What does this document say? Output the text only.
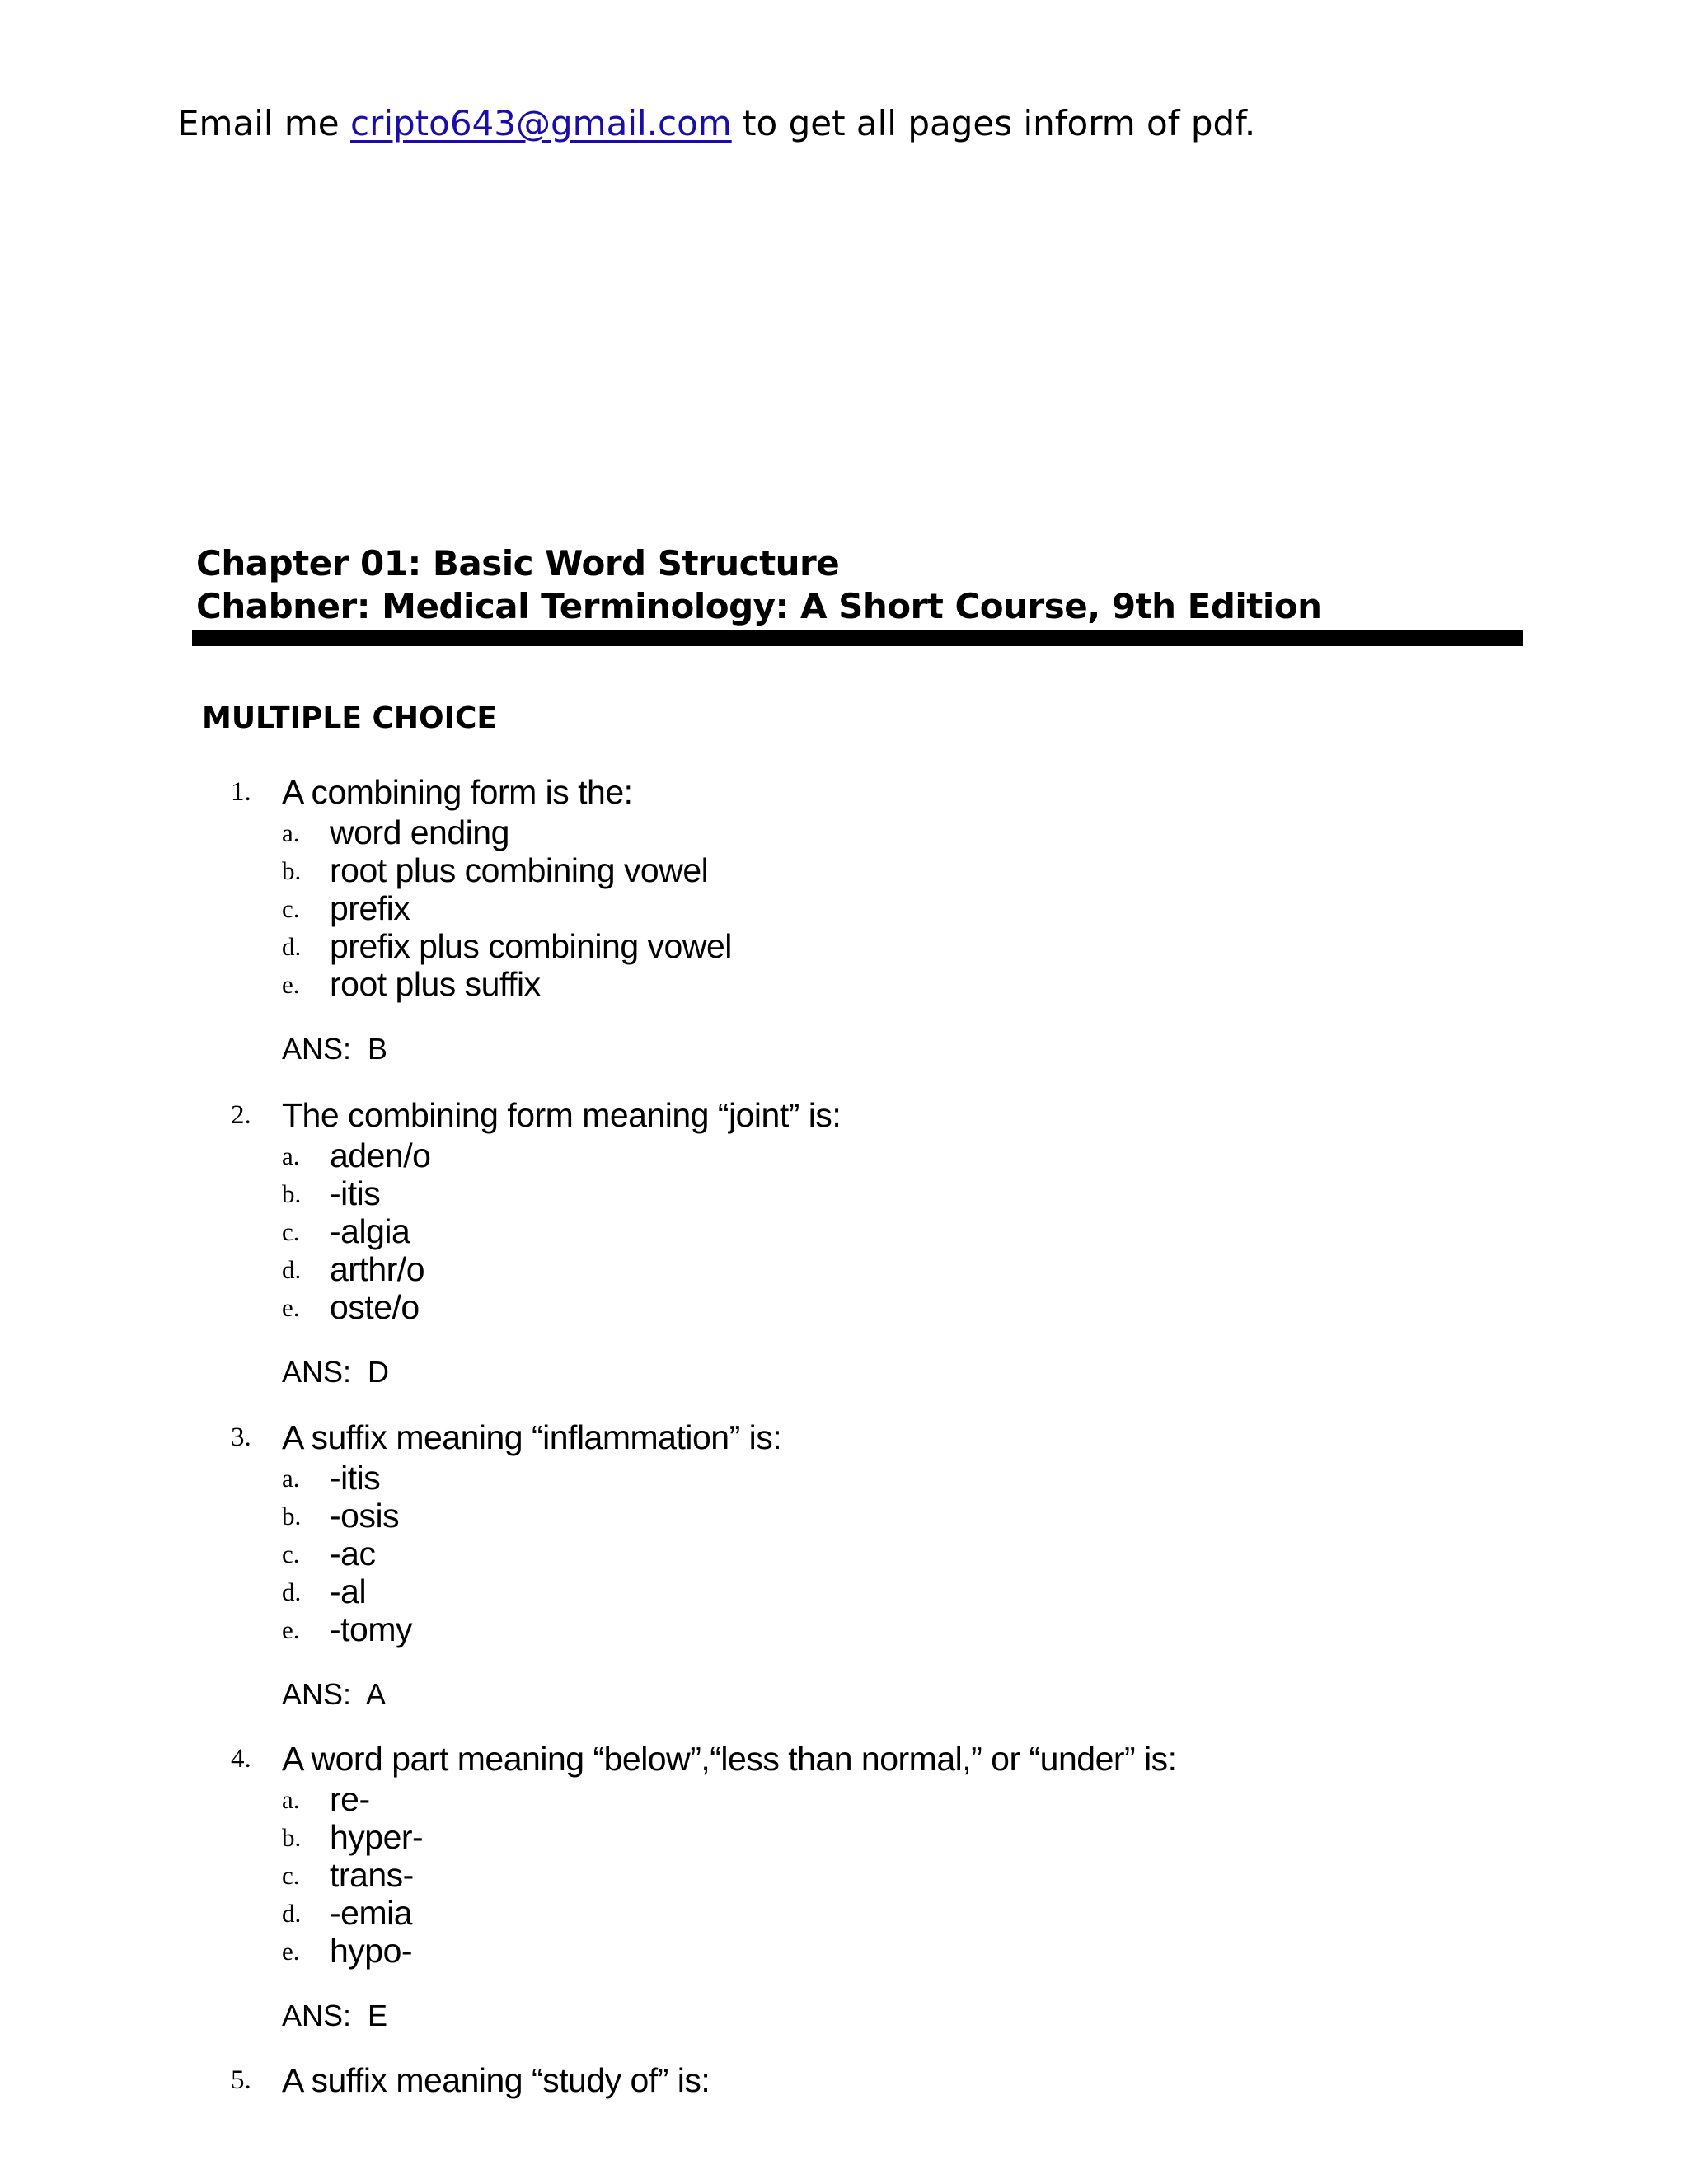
Email me cripto643@gmail.com to get all pages inform of pdf.
Chapter 01: Basic Word Structure
Chabner: Medical Terminology: A Short Course, 9th Edition
MULTIPLE CHOICE
1. A combining form is the:
a. word ending
b. root plus combining vowel
c. prefix
d. prefix plus combining vowel
e. root plus suffix
ANS:  B
2. The combining form meaning “joint” is:
a. aden/o
b. -itis
c. -algia
d. arthr/o
e. oste/o
ANS:  D
3. A suffix meaning “inflammation” is:
a. -itis
b. -osis
c. -ac
d. -al
e. -tomy
ANS:  A
4. A word part meaning “below”,“less than normal,” or “under” is:
a. re-
b. hyper-
c. trans-
d. -emia
e. hypo-
ANS:  E
5. A suffix meaning “study of” is:
